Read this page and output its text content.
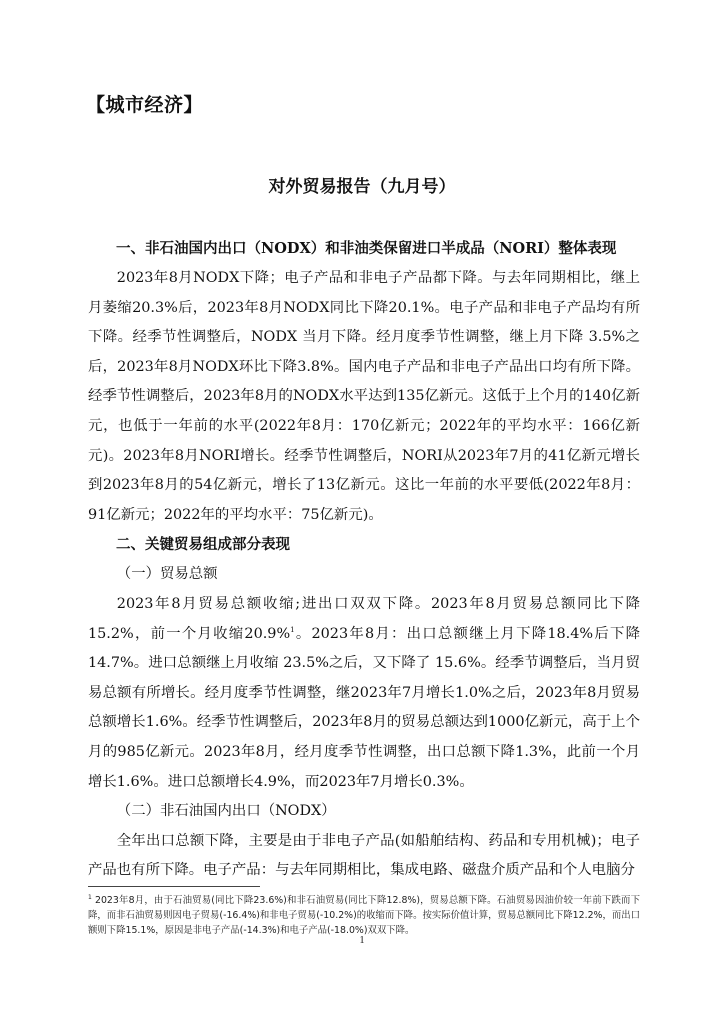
【城市经济】
对外贸易报告（九月号）

一、非石油国内出口（NODX）和非油类保留进口半成品（NORI）整体表现

2023年8月NODX下降；电子产品和非电子产品都下降。与去年同期相比，继上月萎缩20.3%后，2023年8月NODX同比下降20.1%。电子产品和非电子产品均有所下降。经季节性调整后，NODX 当月下降。经月度季节性调整，继上月下降 3.5%之后，2023年8月NODX环比下降3.8%。国内电子产品和非电子产品出口均有所下降。经季节性调整后，2023年8月的NODX水平达到135亿新元。这低于上个月的140亿新元，也低于一年前的水平(2022年8月：170亿新元；2022年的平均水平：166亿新元)。2023年8月NORI增长。经季节性调整后，NORI从2023年7月的41亿新元增长到2023年8月的54亿新元，增长了13亿新元。这比一年前的水平要低(2022年8月：91亿新元；2022年的平均水平：75亿新元)。

二、关键贸易组成部分表现

（一）贸易总额

2023年8月贸易总额收缩;进出口双双下降。2023年8月贸易总额同比下降15.2%，前一个月收缩20.9%$^1$。2023年8月：出口总额继上月下降18.4%后下降14.7%。进口总额继上月收缩 23.5%之后，又下降了 15.6%。经季节调整后，当月贸易总额有所增长。经月度季节性调整，继2023年7月增长1.0%之后，2023年8月贸易总额增长1.6%。经季节性调整后，2023年8月的贸易总额达到1000亿新元，高于上个月的985亿新元。2023年8月，经月度季节性调整，出口总额下降1.3%，此前一个月增长1.6%。进口总额增长4.9%，而2023年7月增长0.3%。

（二）非石油国内出口（NODX）

全年出口总额下降，主要是由于非电子产品(如船舶结构、药品和专用机械)；电子产品也有所下降。电子产品：与去年同期相比，集成电路、磁盘介质产品和个人电脑分

$^1$ 2023年8月，由于石油贸易(同比下降23.6%)和非石油贸易(同比下降12.8%)，贸易总额下降。石油贸易因油价较一年前下跌而下降，而非石油贸易则因电子贸易(-16.4%)和非电子贸易(-10.2%)的收缩而下降。按实际价值计算，贸易总额同比下降12.2%，而出口额则下降15.1%，原因是非电子产品(-14.3%)和电子产品(-18.0%)双双下降。

1
